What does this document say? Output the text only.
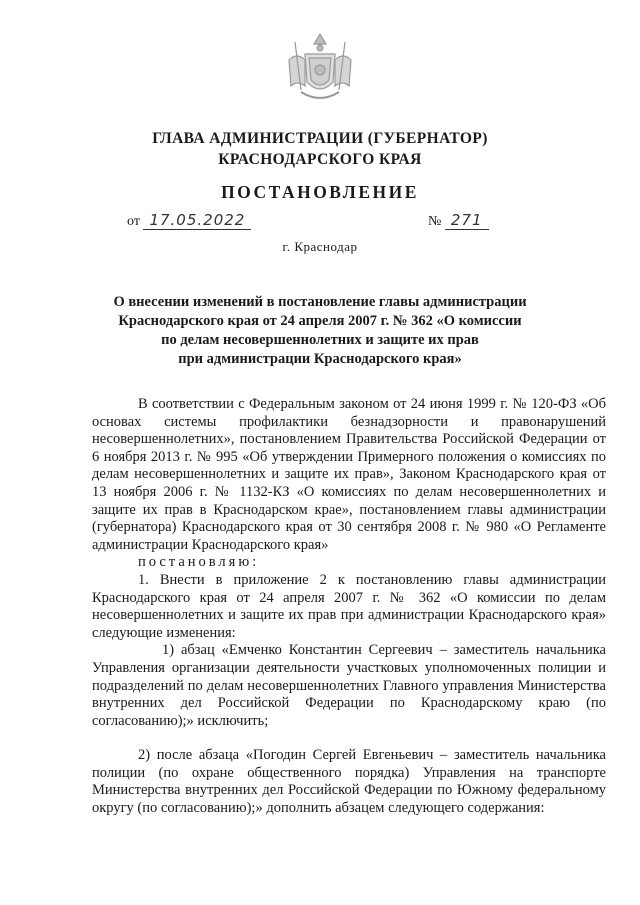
ГЛАВА АДМИНИСТРАЦИИ (ГУБЕРНАТОР)
КРАСНОДАРСКОГО КРАЯ
ПОСТАНОВЛЕНИЕ
от 17.05.2022	№ 271
г. Краснодар
О внесении изменений в постановление главы администрации
Краснодарского края от 24 апреля 2007 г. № 362 «О комиссии
по делам несовершеннолетних и защите их прав
при администрации Краснодарского края»

В соответствии с Федеральным законом от 24 июня 1999 г. № 120-ФЗ «Об основах системы профилактики безнадзорности и правонарушений несовершеннолетних», постановлением Правительства Российской Федерации от 6 ноября 2013 г. № 995 «Об утверждении Примерного положения о комиссиях по делам несовершеннолетних и защите их прав», Законом Краснодарского края от 13 ноября 2006 г. № 1132-КЗ «О комиссиях по делам несовершеннолетних и защите их прав в Краснодарском крае», постановлением главы администрации (губернатора) Краснодарского края от 30 сентября 2008 г. № 980 «О Регламенте администрации Краснодарского края»
постановляю:

1. Внести в приложение 2 к постановлению главы администрации Краснодарского края от 24 апреля 2007 г. № 362 «О комиссии по делам несовершеннолетних и защите их прав при администрации Краснодарского края» следующие изменения:

1) абзац «Емченко Константин Сергеевич – заместитель начальника Управления организации деятельности участковых уполномоченных полиции и подразделений по делам несовершеннолетних Главного управления Министерства внутренних дел Российской Федерации по Краснодарскому краю (по согласованию);» исключить;

2) после абзаца «Погодин Сергей Евгеньевич – заместитель начальника полиции (по охране общественного порядка) Управления на транспорте Министерства внутренних дел Российской Федерации по Южному федеральному округу (по согласованию);» дополнить абзацем следующего содержания:
